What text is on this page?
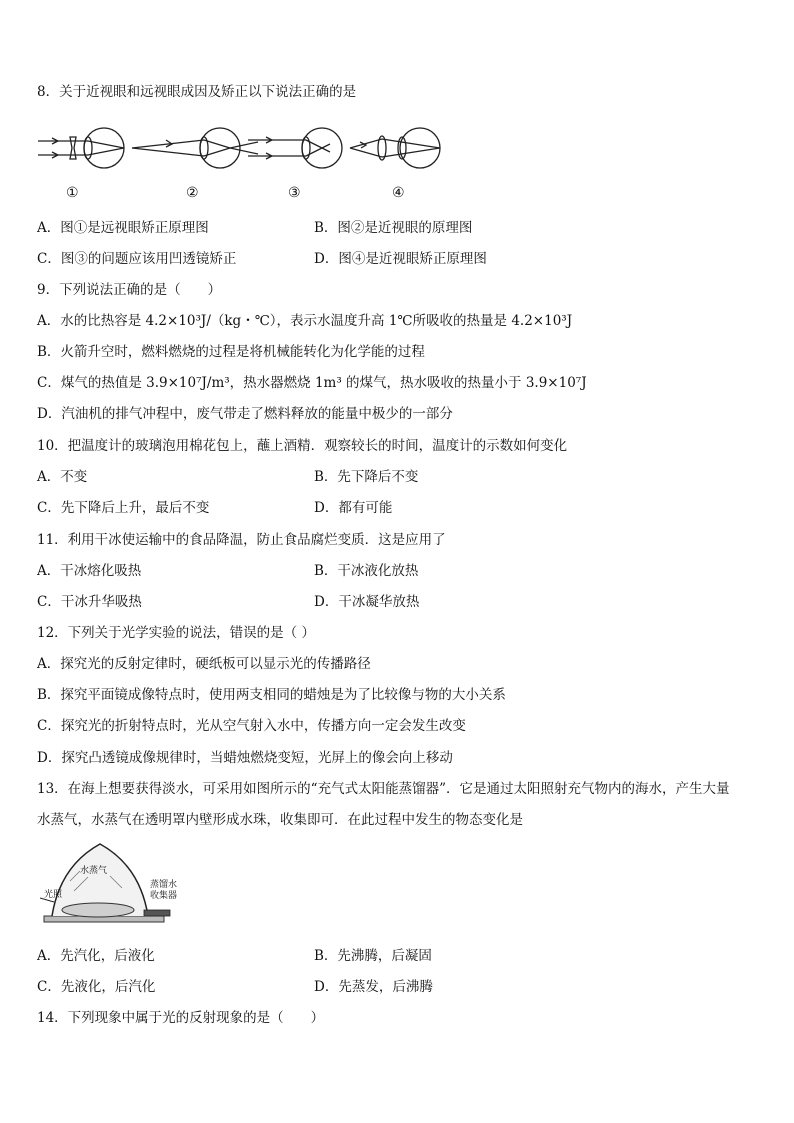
8．关于近视眼和远视眼成因及矫正以下说法正确的是
①	②	③	④
A．图①是远视眼矫正原理图	B．图②是近视眼的原理图
C．图③的问题应该用凹透镜矫正	D．图④是近视眼矫正原理图
9．下列说法正确的是（　　）
A．水的比热容是 4.2×10³J/（kg・℃），表示水温度升高 1℃所吸收的热量是 4.2×10³J
B．火箭升空时，燃料燃烧的过程是将机械能转化为化学能的过程
C．煤气的热值是 3.9×10⁷J/m³，热水器燃烧 1m³ 的煤气，热水吸收的热量小于 3.9×10⁷J
D．汽油机的排气冲程中，废气带走了燃料释放的能量中极少的一部分
10．把温度计的玻璃泡用棉花包上，蘸上酒精．观察较长的时间，温度计的示数如何变化
A．不变	B．先下降后不变
C．先下降后上升，最后不变	D．都有可能
11．利用干冰使运输中的食品降温，防止食品腐烂变质．这是应用了
A．干冰熔化吸热	B．干冰液化放热
C．干冰升华吸热	D．干冰凝华放热
12．下列关于光学实验的说法，错误的是（ ）
A．探究光的反射定律时，硬纸板可以显示光的传播路径
B．探究平面镜成像特点时，使用两支相同的蜡烛是为了比较像与物的大小关系
C．探究光的折射特点时，光从空气射入水中，传播方向一定会发生改变
D．探究凸透镜成像规律时，当蜡烛燃烧变短，光屏上的像会向上移动
13．在海上想要获得淡水，可采用如图所示的“充气式太阳能蒸馏器”．它是通过太阳照射充气物内的海水，产生大量
水蒸气，水蒸气在透明罩内壁形成水珠，收集即可．在此过程中发生的物态变化是
水蒸气
光照
蒸馏水
收集器
A．先汽化，后液化	B．先沸腾，后凝固
C．先液化，后汽化	D．先蒸发，后沸腾
14．下列现象中属于光的反射现象的是（　　）
